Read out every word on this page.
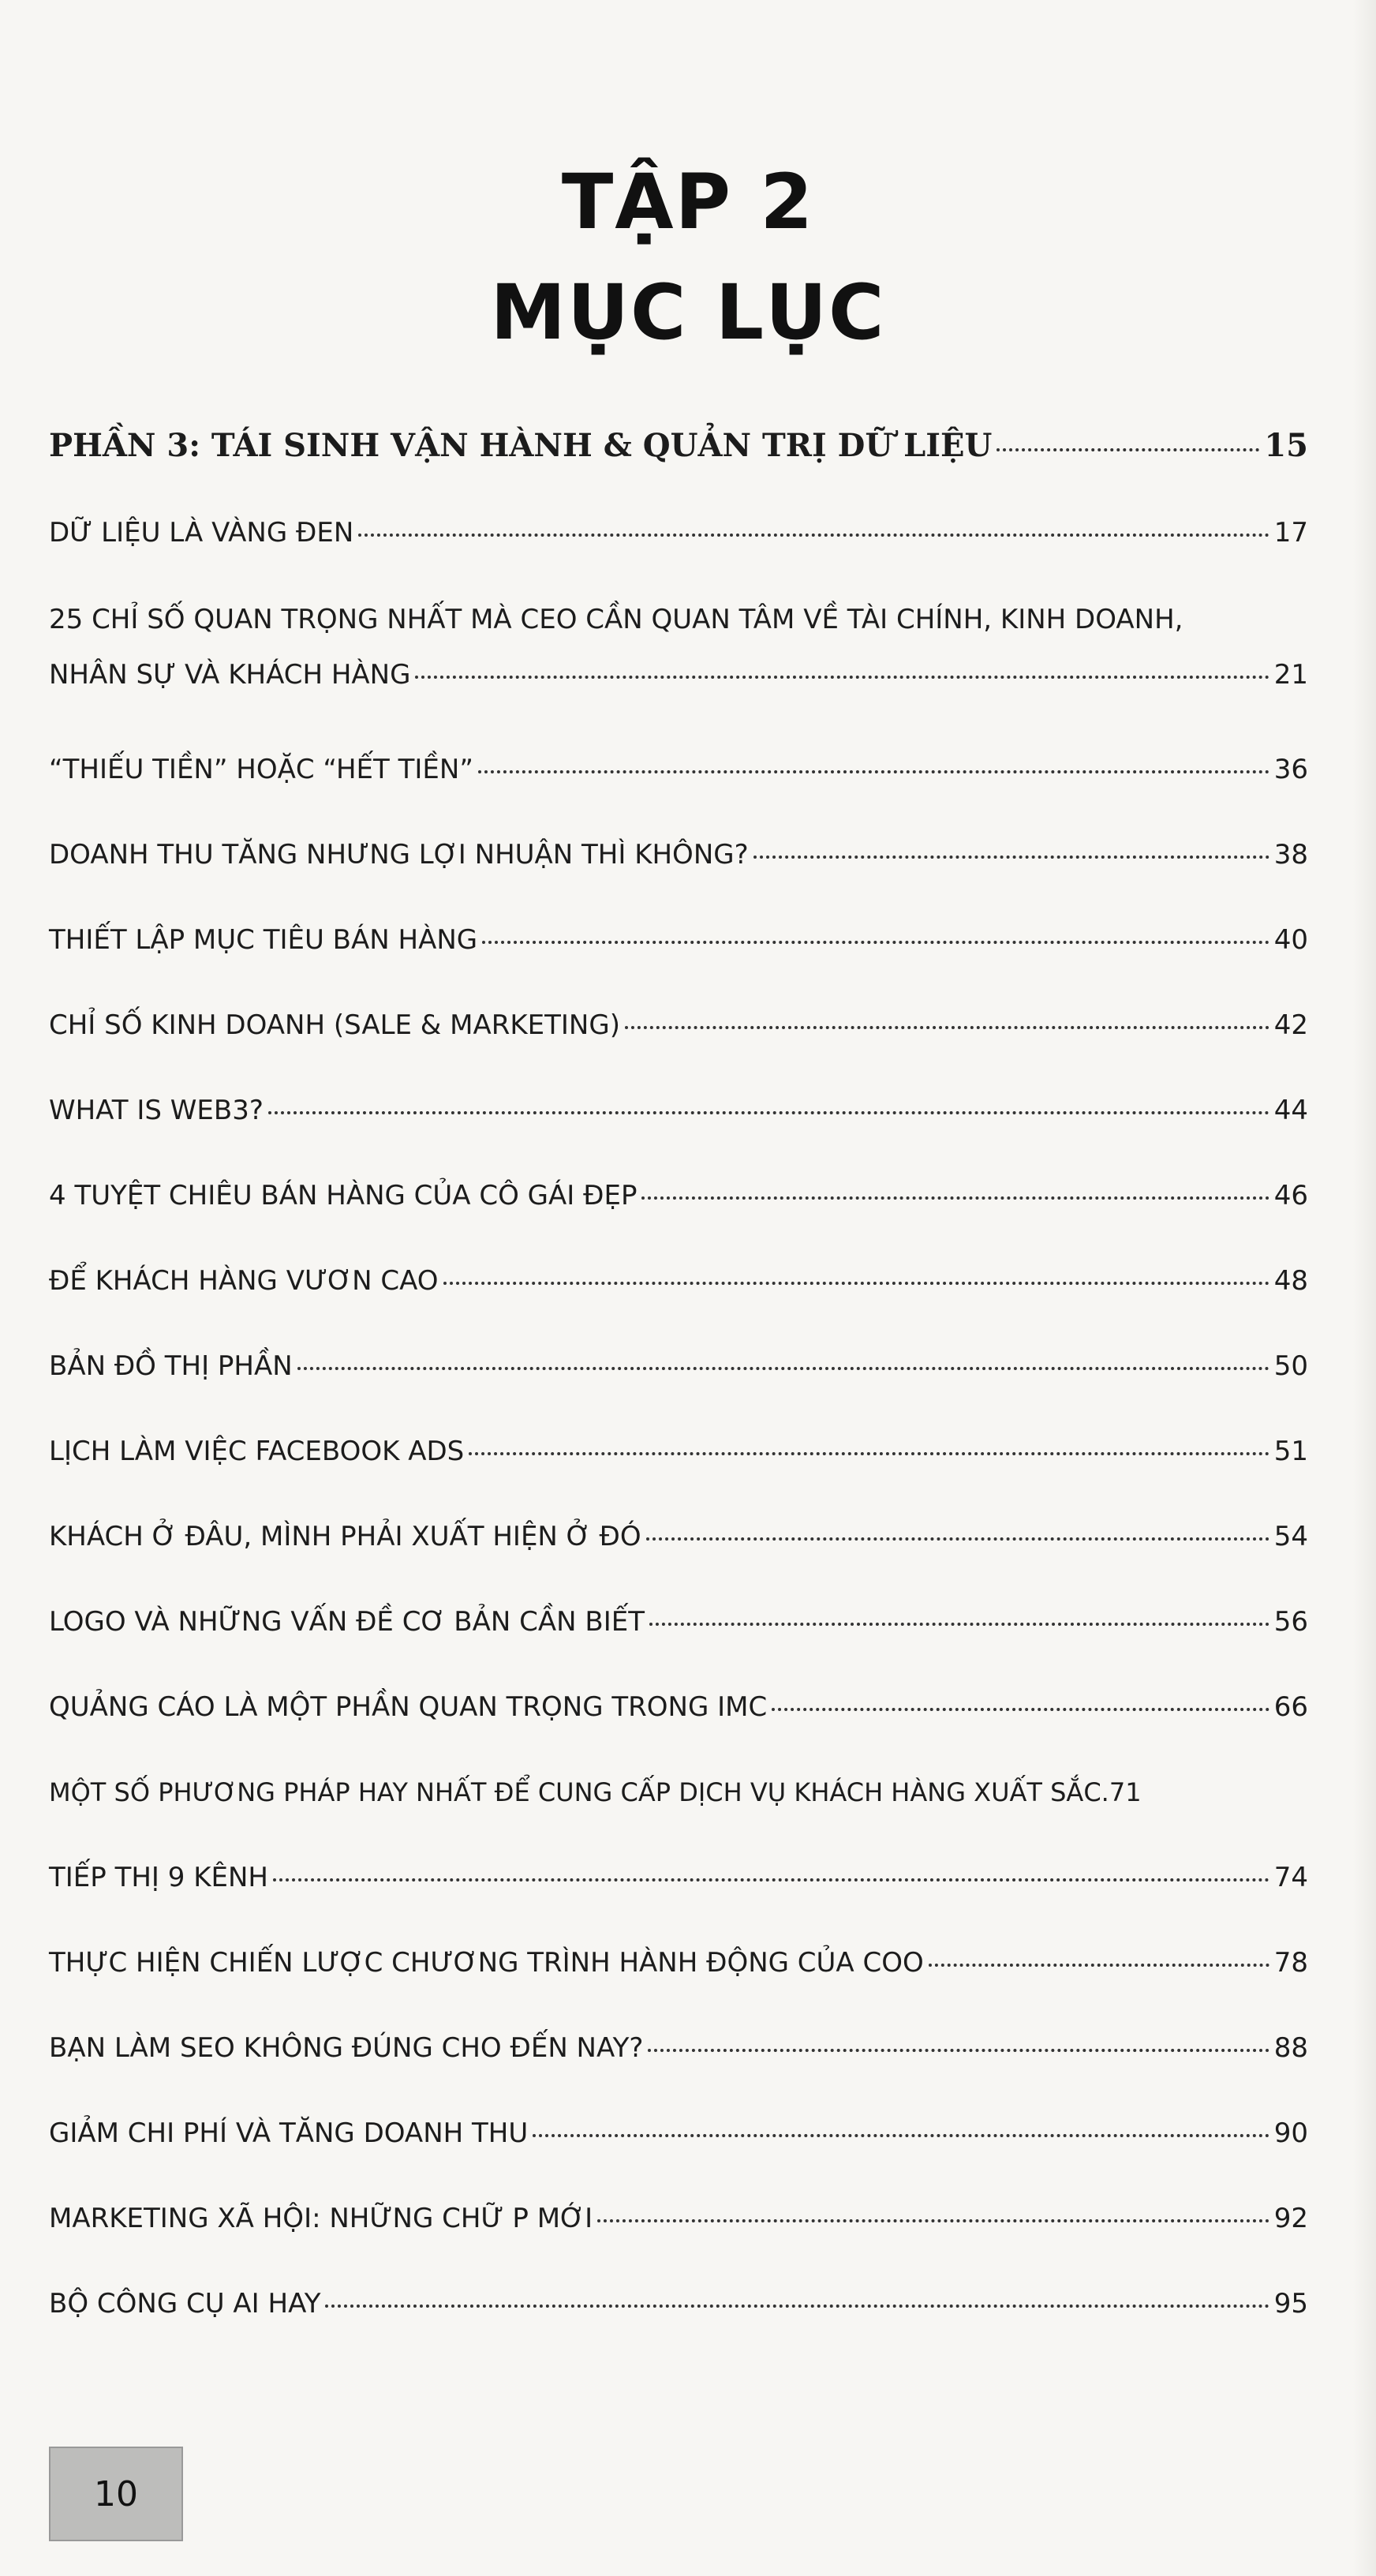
TẬP 2
MỤC LỤC
PHẦN 3: TÁI SINH VẬN HÀNH & QUẢN TRỊ DỮ LIỆU	15
DỮ LIỆU LÀ VÀNG ĐEN	17
25 CHỈ SỐ QUAN TRỌNG NHẤT MÀ CEO CẦN QUAN TÂM VỀ TÀI CHÍNH, KINH DOANH,
NHÂN SỰ VÀ KHÁCH HÀNG	21
“THIẾU TIỀN” HOẶC “HẾT TIỀN”	36
DOANH THU TĂNG NHƯNG LỢI NHUẬN THÌ KHÔNG?	38
THIẾT LẬP MỤC TIÊU BÁN HÀNG	40
CHỈ SỐ KINH DOANH (SALE & MARKETING)	42
WHAT IS WEB3?	44
4 TUYỆT CHIÊU BÁN HÀNG CỦA CÔ GÁI ĐẸP	46
ĐỂ KHÁCH HÀNG VƯƠN CAO	48
BẢN ĐỒ THỊ PHẦN	50
LỊCH LÀM VIỆC FACEBOOK ADS	51
KHÁCH Ở ĐÂU, MÌNH PHẢI XUẤT HIỆN Ở ĐÓ	54
LOGO VÀ NHỮNG VẤN ĐỀ CƠ BẢN CẦN BIẾT	56
QUẢNG CÁO LÀ MỘT PHẦN QUAN TRỌNG TRONG IMC	66
MỘT SỐ PHƯƠNG PHÁP HAY NHẤT ĐỂ CUNG CẤP DỊCH VỤ KHÁCH HÀNG XUẤT SẮC. 71
TIẾP THỊ 9 KÊNH	74
THỰC HIỆN CHIẾN LƯỢC CHƯƠNG TRÌNH HÀNH ĐỘNG CỦA COO	78
BẠN LÀM SEO KHÔNG ĐÚNG CHO ĐẾN NAY?	88
GIẢM CHI PHÍ VÀ TĂNG DOANH THU	90
MARKETING XÃ HỘI: NHỮNG CHỮ P MỚI	92
BỘ CÔNG CỤ AI HAY	95
10
